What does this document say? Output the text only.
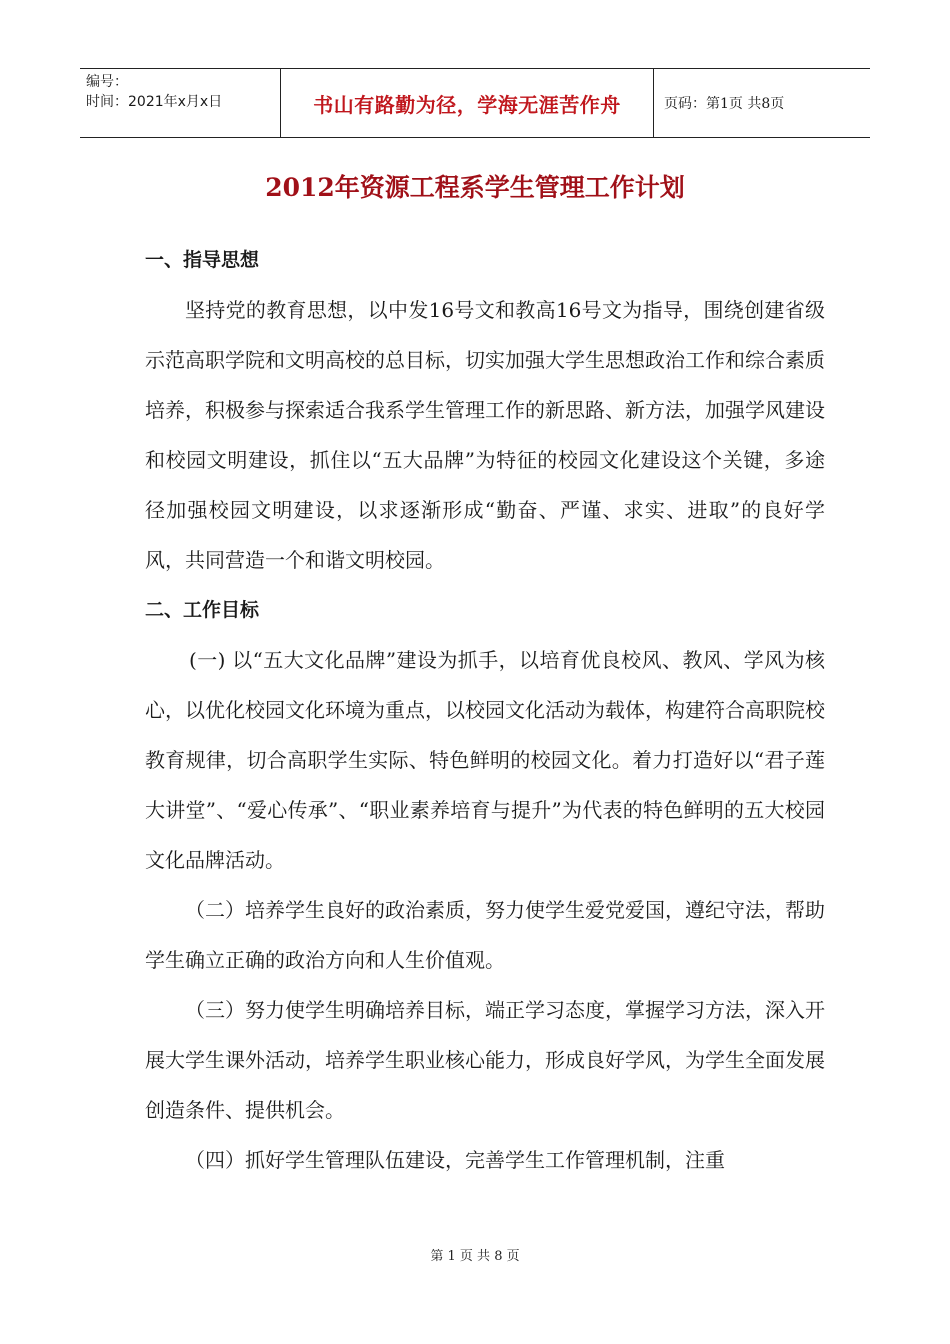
编号：
时间：2021年x月x日	书山有路勤为径，学海无涯苦作舟	页码：第1页 共8页
2012年资源工程系学生管理工作计划

一、指导思想

坚持党的教育思想，以中发16号文和教高16号文为指导，围绕创建省级示范高职学院和文明高校的总目标，切实加强大学生思想政治工作和综合素质培养，积极参与探索适合我系学生管理工作的新思路、新方法，加强学风建设和校园文明建设，抓住以“五大品牌”为特征的校园文化建设这个关键，多途径加强校园文明建设，以求逐渐形成“勤奋、严谨、求实、进取”的良好学风，共同营造一个和谐文明校园。

二、工作目标

(一) 以“五大文化品牌”建设为抓手，以培育优良校风、教风、学风为核心，以优化校园文化环境为重点，以校园文化活动为载体，构建符合高职院校教育规律，切合高职学生实际、特色鲜明的校园文化。着力打造好以“君子莲大讲堂”、“爱心传承”、“职业素养培育与提升”为代表的特色鲜明的五大校园文化品牌活动。

（二）培养学生良好的政治素质，努力使学生爱党爱国，遵纪守法，帮助学生确立正确的政治方向和人生价值观。

（三）努力使学生明确培养目标，端正学习态度，掌握学习方法，深入开展大学生课外活动，培养学生职业核心能力，形成良好学风，为学生全面发展创造条件、提供机会。

（四）抓好学生管理队伍建设，完善学生工作管理机制，注重

第 1 页 共 8 页
